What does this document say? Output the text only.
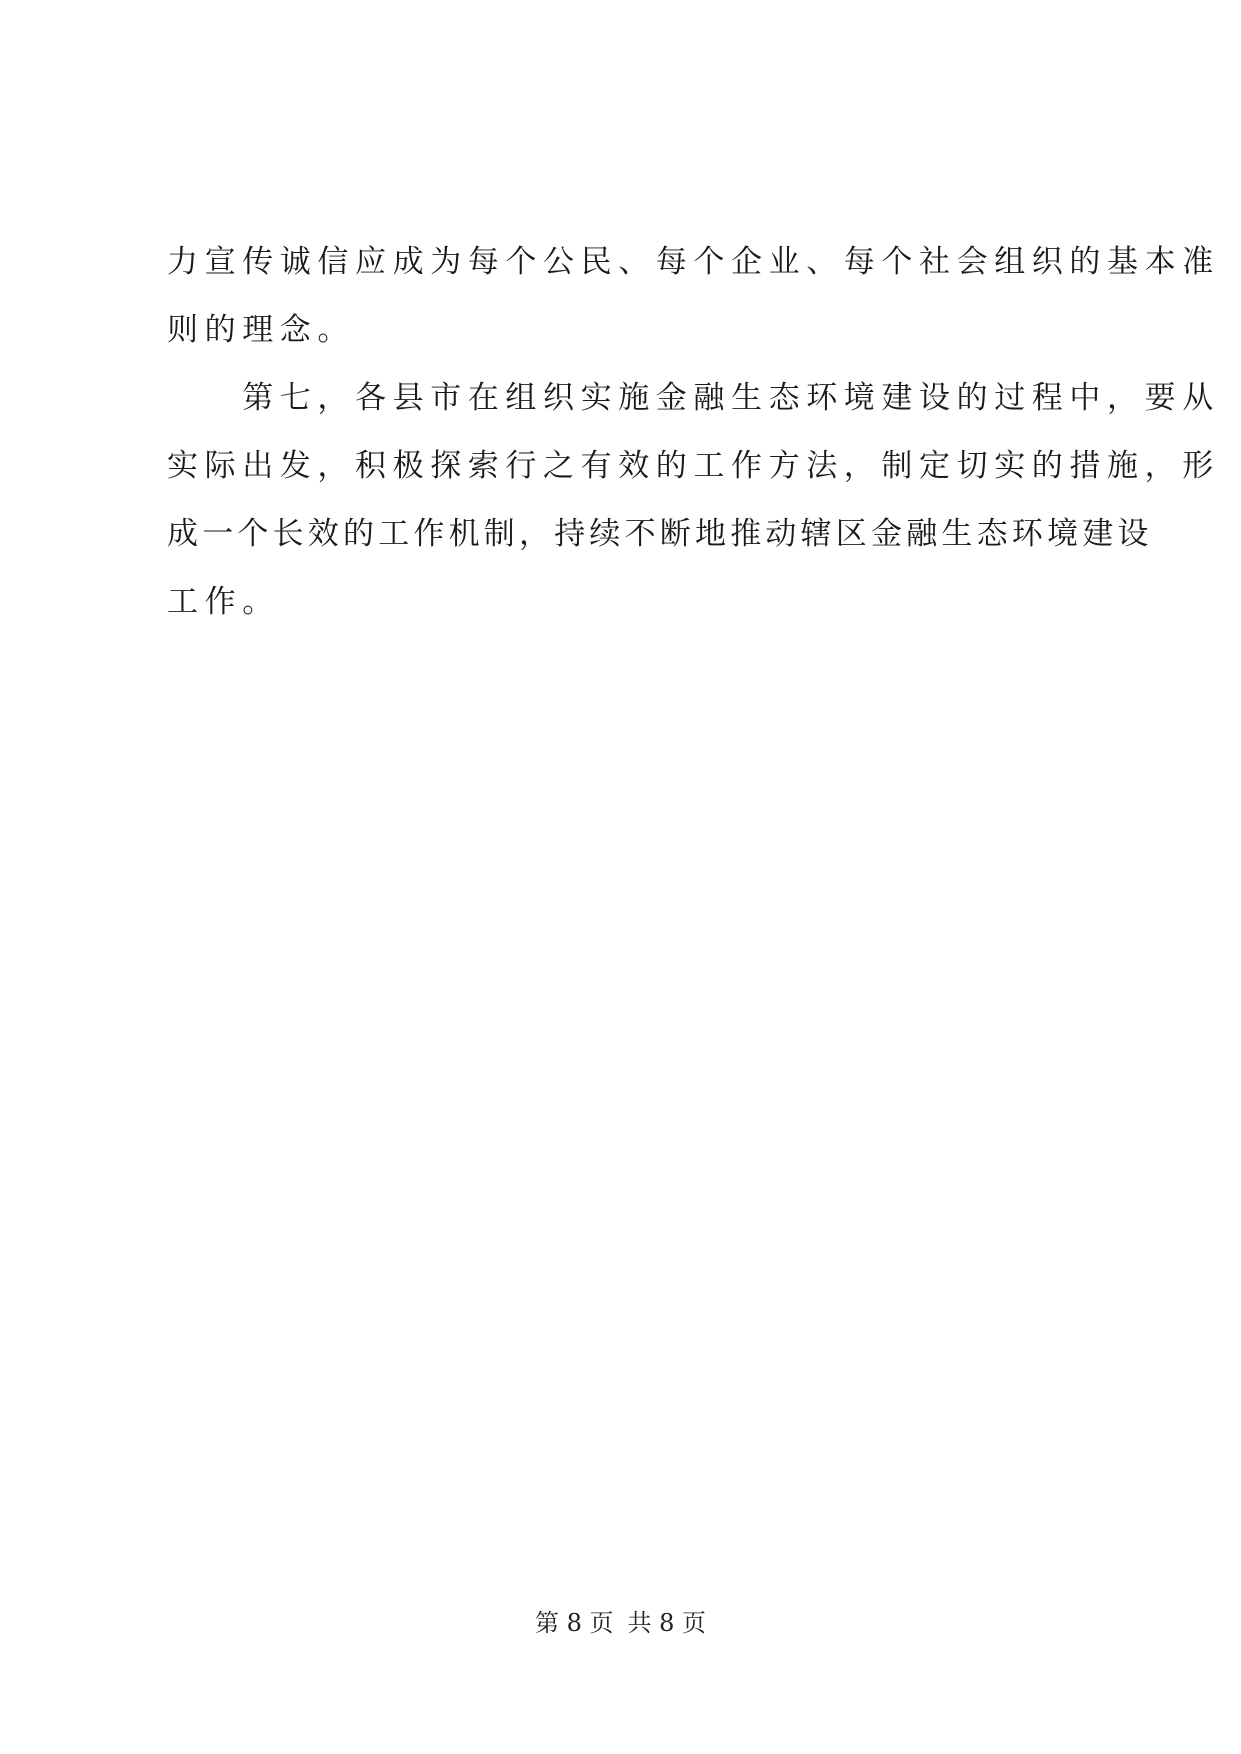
力宣传诚信应成为每个公民、每个企业、每个社会组织的基本准
则的理念。
　　第七，各县市在组织实施金融生态环境建设的过程中，要从
实际出发，积极探索行之有效的工作方法，制定切实的措施，形
成一个长效的工作机制，持续不断地推动辖区金融生态环境建设
工作。
第 8 页 共 8 页
